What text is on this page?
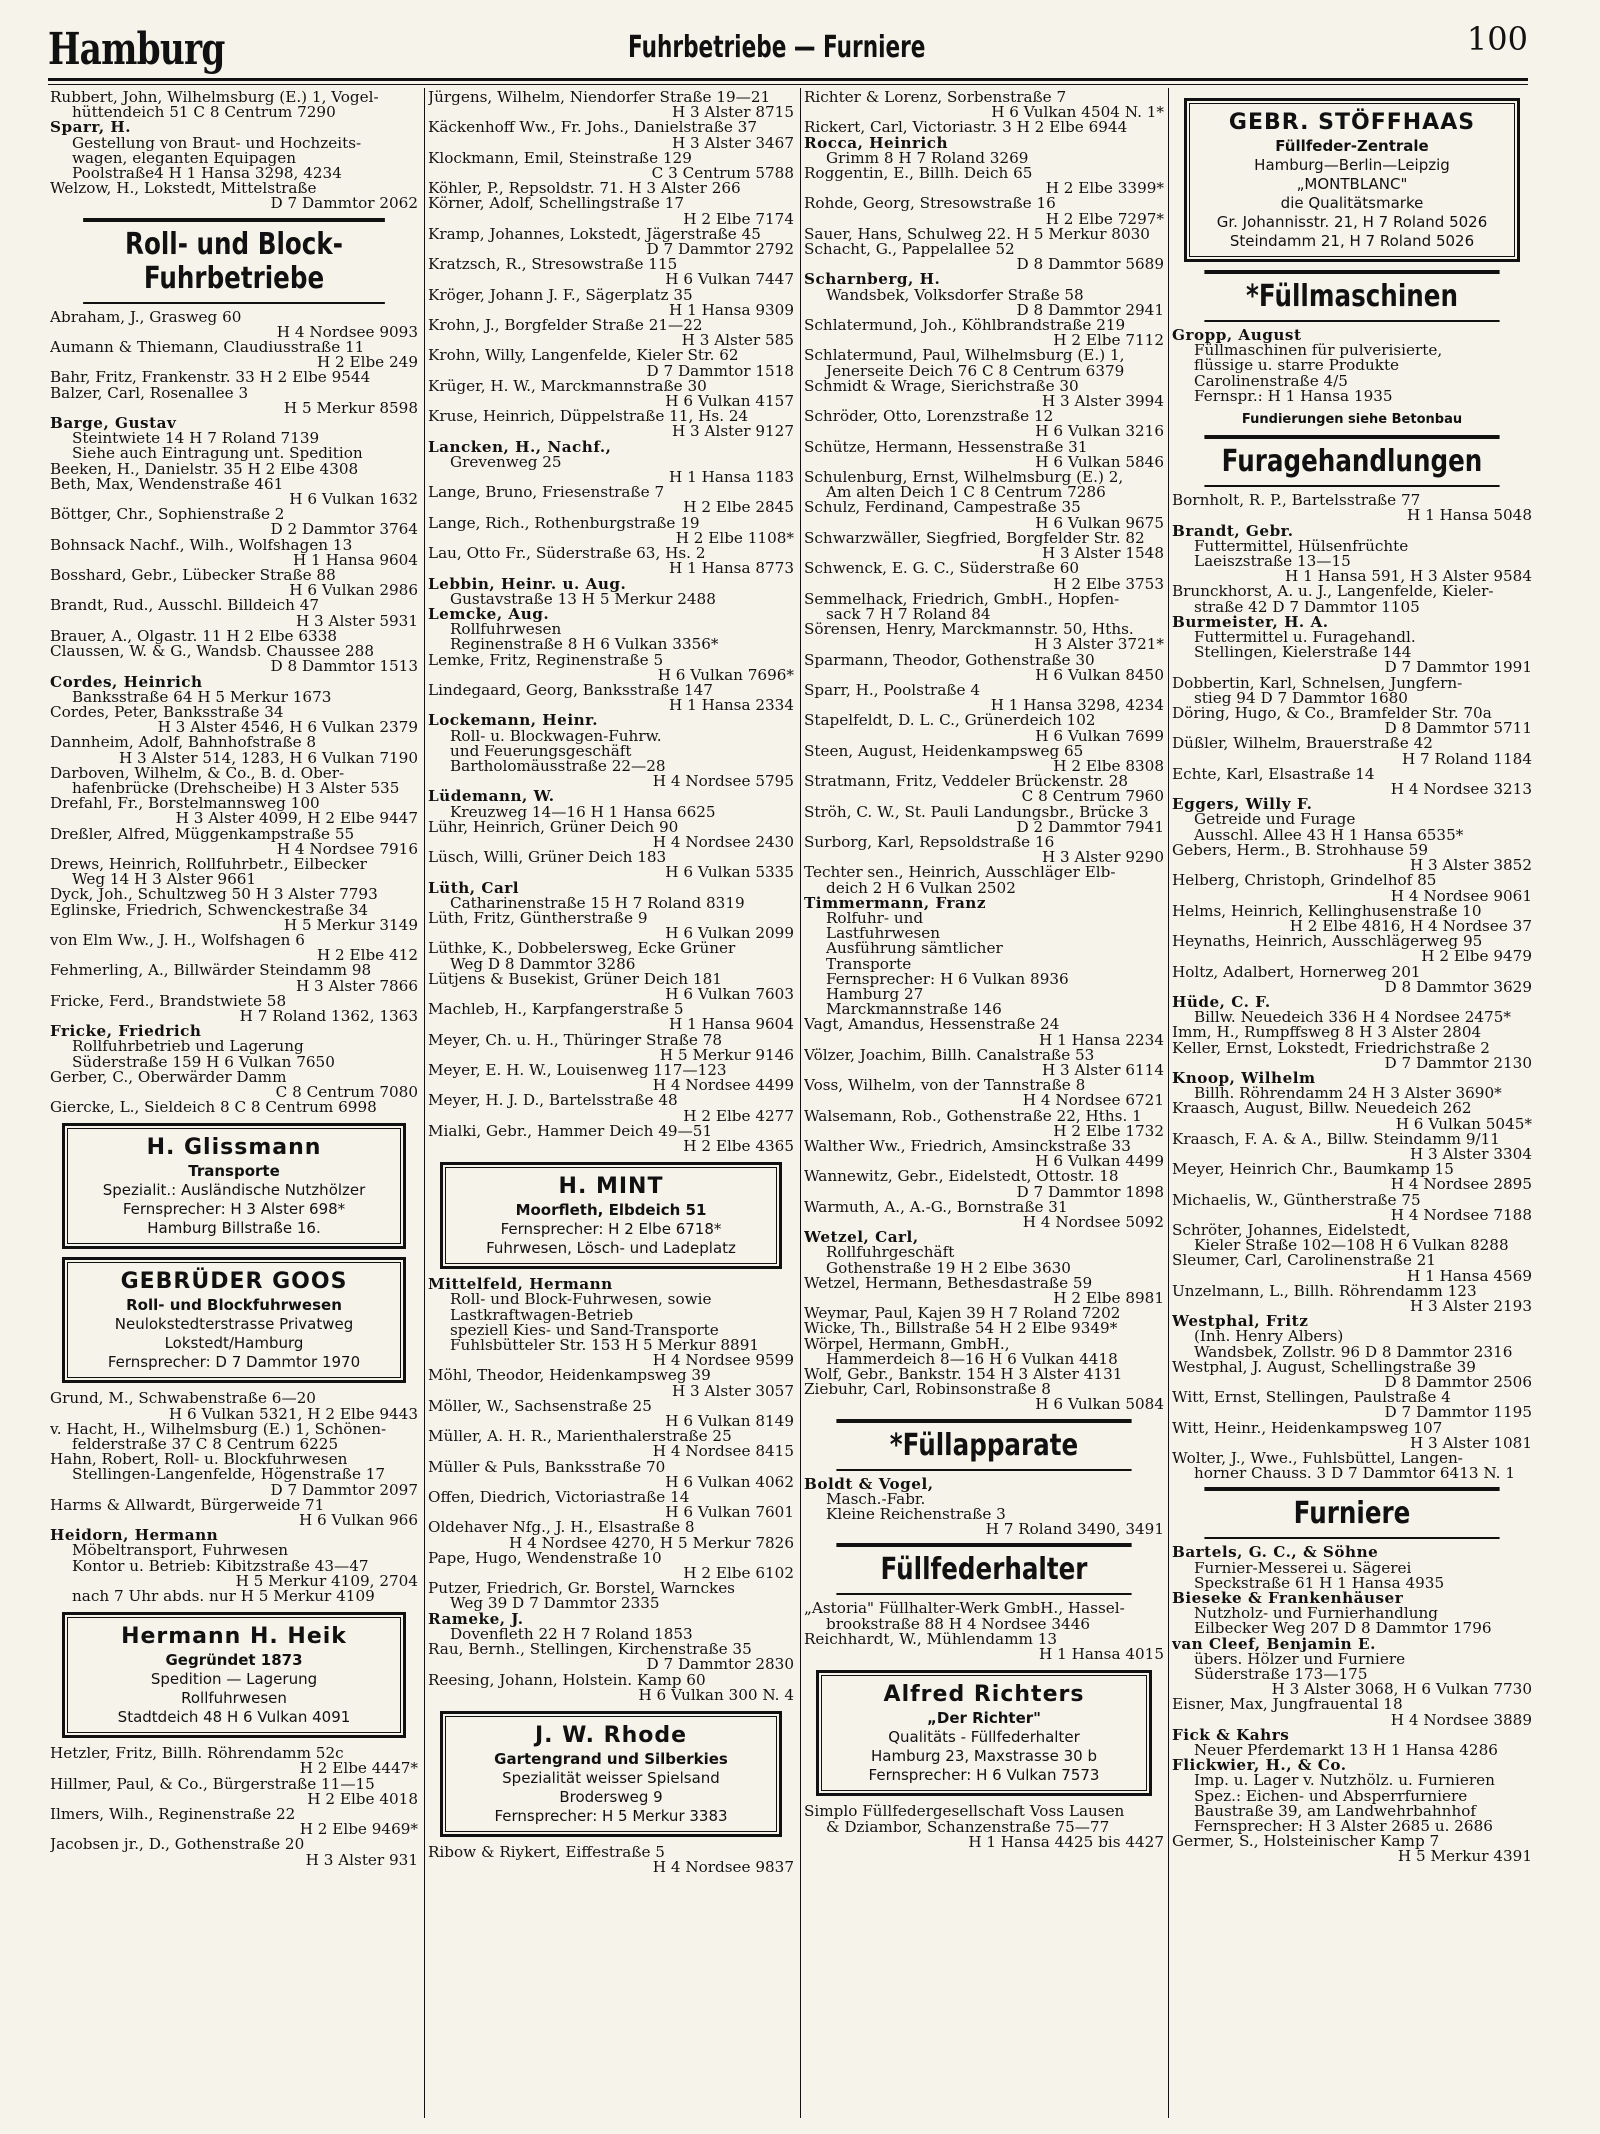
Hamburg	Fuhrbetriebe — Furniere	100
Rubbert, John, Wilhelmsburg (E.) 1, Vogel-
hüttendeich 51 C 8 Centrum 7290
Sparr, H.
Gestellung von Braut- und Hochzeits-
wagen, eleganten Equipagen
Poolstraße4 H 1 Hansa 3298, 4234
Welzow, H., Lokstedt, Mittelstraße
D 7 Dammtor 2062
Roll- und Block-Fuhrbetriebe
Abraham, J., Grasweg 60
H 4 Nordsee 9093
Aumann & Thiemann, Claudiusstraße 11
H 2 Elbe 249
Bahr, Fritz, Frankenstr. 33 H 2 Elbe 9544
Balzer, Carl, Rosenallee 3
H 5 Merkur 8598
Barge, Gustav
Steintwiete 14 H 7 Roland 7139
Siehe auch Eintragung unt. Spedition
Beeken, H., Danielstr. 35 H 2 Elbe 4308
Beth, Max, Wendenstraße 461
H 6 Vulkan 1632
Böttger, Chr., Sophienstraße 2
D 2 Dammtor 3764
Bohnsack Nachf., Wilh., Wolfshagen 13
H 1 Hansa 9604
Bosshard, Gebr., Lübecker Straße 88
H 6 Vulkan 2986
Brandt, Rud., Ausschl. Billdeich 47
H 3 Alster 5931
Brauer, A., Olgastr. 11 H 2 Elbe 6338
Claussen, W. & G., Wandsb. Chaussee 288
D 8 Dammtor 1513
Cordes, Heinrich
Banksstraße 64 H 5 Merkur 1673
Cordes, Peter, Banksstraße 34
H 3 Alster 4546, H 6 Vulkan 2379
Dannheim, Adolf, Bahnhofstraße 8
H 3 Alster 514, 1283, H 6 Vulkan 7190
Darboven, Wilhelm, & Co., B. d. Ober-
hafenbrücke (Drehscheibe) H 3 Alster 535
Drefahl, Fr., Borstelmannsweg 100
H 3 Alster 4099, H 2 Elbe 9447
Dreßler, Alfred, Müggenkampstraße 55
H 4 Nordsee 7916
Drews, Heinrich, Rollfuhrbetr., Eilbecker
Weg 14 H 3 Alster 9661
Dyck, Joh., Schultzweg 50 H 3 Alster 7793
Eglinske, Friedrich, Schwenckestraße 34
H 5 Merkur 3149
von Elm Ww., J. H., Wolfshagen 6
H 2 Elbe 412
Fehmerling, A., Billwärder Steindamm 98
H 3 Alster 7866
Fricke, Ferd., Brandstwiete 58
H 7 Roland 1362, 1363
Fricke, Friedrich
Rollfuhrbetrieb und Lagerung
Süderstraße 159 H 6 Vulkan 7650
Gerber, C., Oberwärder Damm
C 8 Centrum 7080
Giercke, L., Sieldeich 8 C 8 Centrum 6998
H. Glissmann
Transporte
Spezialit.: Ausländische Nutzhölzer
Fernsprecher: H 3 Alster 698*
Hamburg Billstraße 16.
GEBRÜDER GOOS
Roll- und Blockfuhrwesen
Neulokstedterstrasse Privatweg
Lokstedt/Hamburg
Fernsprecher: D 7 Dammtor 1970
Grund, M., Schwabenstraße 6—20
H 6 Vulkan 5321, H 2 Elbe 9443
v. Hacht, H., Wilhelmsburg (E.) 1, Schönen-
felderstraße 37 C 8 Centrum 6225
Hahn, Robert, Roll- u. Blockfuhrwesen
Stellingen-Langenfelde, Högenstraße 17
D 7 Dammtor 2097
Harms & Allwardt, Bürgerweide 71
H 6 Vulkan 966
Heidorn, Hermann
Möbeltransport, Fuhrwesen
Kontor u. Betrieb: Kibitzstraße 43—47
H 5 Merkur 4109, 2704
nach 7 Uhr abds. nur H 5 Merkur 4109
Hermann H. Heik
Gegründet 1873
Spedition — Lagerung
Rollfuhrwesen
Stadtdeich 48 H 6 Vulkan 4091
Hetzler, Fritz, Billh. Röhrendamm 52c
H 2 Elbe 4447*
Hillmer, Paul, & Co., Bürgerstraße 11—15
H 2 Elbe 4018
Ilmers, Wilh., Reginenstraße 22
H 2 Elbe 9469*
Jacobsen jr., D., Gothenstraße 20
H 3 Alster 931
Jürgens, Wilhelm, Niendorfer Straße 19—21
H 3 Alster 8715
Käckenhoff Ww., Fr. Johs., Danielstraße 37
H 3 Alster 3467
Klockmann, Emil, Steinstraße 129
C 3 Centrum 5788
Köhler, P., Repsoldstr. 71. H 3 Alster 266
Körner, Adolf, Schellingstraße 17
H 2 Elbe 7174
Kramp, Johannes, Lokstedt, Jägerstraße 45
D 7 Dammtor 2792
Kratzsch, R., Stresowstraße 115
H 6 Vulkan 7447
Kröger, Johann J. F., Sägerplatz 35
H 1 Hansa 9309
Krohn, J., Borgfelder Straße 21—22
H 3 Alster 585
Krohn, Willy, Langenfelde, Kieler Str. 62
D 7 Dammtor 1518
Krüger, H. W., Marckmannstraße 30
H 6 Vulkan 4157
Kruse, Heinrich, Düppelstraße 11, Hs. 24
H 3 Alster 9127
Lancken, H., Nachf.,
Grevenweg 25
H 1 Hansa 1183
Lange, Bruno, Friesenstraße 7
H 2 Elbe 2845
Lange, Rich., Rothenburgstraße 19
H 2 Elbe 1108*
Lau, Otto Fr., Süderstraße 63, Hs. 2
H 1 Hansa 8773
Lebbin, Heinr. u. Aug.
Gustavstraße 13 H 5 Merkur 2488
Lemcke, Aug.
Rollfuhrwesen
Reginenstraße 8 H 6 Vulkan 3356*
Lemke, Fritz, Reginenstraße 5
H 6 Vulkan 7696*
Lindegaard, Georg, Banksstraße 147
H 1 Hansa 2334
Lockemann, Heinr.
Roll- u. Blockwagen-Fuhrw.
und Feuerungsgeschäft
Bartholomäusstraße 22—28
H 4 Nordsee 5795
Lüdemann, W.
Kreuzweg 14—16 H 1 Hansa 6625
Lühr, Heinrich, Grüner Deich 90
H 4 Nordsee 2430
Lüsch, Willi, Grüner Deich 183
H 6 Vulkan 5335
Lüth, Carl
Catharinenstraße 15 H 7 Roland 8319
Lüth, Fritz, Güntherstraße 9
H 6 Vulkan 2099
Lüthke, K., Dobbelersweg, Ecke Grüner
Weg D 8 Dammtor 3286
Lütjens & Busekist, Grüner Deich 181
H 6 Vulkan 7603
Machleb, H., Karpfangerstraße 5
H 1 Hansa 9604
Meyer, Ch. u. H., Thüringer Straße 78
H 5 Merkur 9146
Meyer, E. H. W., Louisenweg 117—123
H 4 Nordsee 4499
Meyer, H. J. D., Bartelsstraße 48
H 2 Elbe 4277
Mialki, Gebr., Hammer Deich 49—51
H 2 Elbe 4365
H. MINT
Moorfleth, Elbdeich 51
Fernsprecher: H 2 Elbe 6718*
Fuhrwesen, Lösch- und Ladeplatz
Mittelfeld, Hermann
Roll- und Block-Fuhrwesen, sowie
Lastkraftwagen-Betrieb
speziell Kies- und Sand-Transporte
Fuhlsbütteler Str. 153 H 5 Merkur 8891
H 4 Nordsee 9599
Möhl, Theodor, Heidenkampsweg 39
H 3 Alster 3057
Möller, W., Sachsenstraße 25
H 6 Vulkan 8149
Müller, A. H. R., Marienthalerstraße 25
H 4 Nordsee 8415
Müller & Puls, Banksstraße 70
H 6 Vulkan 4062
Offen, Diedrich, Victoriastraße 14
H 6 Vulkan 7601
Oldehaver Nfg., J. H., Elsastraße 8
H 4 Nordsee 4270, H 5 Merkur 7826
Pape, Hugo, Wendenstraße 10
H 2 Elbe 6102
Putzer, Friedrich, Gr. Borstel, Warnckes
Weg 39 D 7 Dammtor 2335
Rameke, J.
Dovenfleth 22 H 7 Roland 1853
Rau, Bernh., Stellingen, Kirchenstraße 35
D 7 Dammtor 2830
Reesing, Johann, Holstein. Kamp 60
H 6 Vulkan 300 N. 4
J. W. Rhode
Gartengrand und Silberkies
Spezialität weisser Spielsand
Brodersweg 9
Fernsprecher: H 5 Merkur 3383
Ribow & Riykert, Eiffestraße 5
H 4 Nordsee 9837
Richter & Lorenz, Sorbenstraße 7
H 6 Vulkan 4504 N. 1*
Rickert, Carl, Victoriastr. 3 H 2 Elbe 6944
Rocca, Heinrich
Grimm 8 H 7 Roland 3269
Roggentin, E., Billh. Deich 65
H 2 Elbe 3399*
Rohde, Georg, Stresowstraße 16
H 2 Elbe 7297*
Sauer, Hans, Schulweg 22. H 5 Merkur 8030
Schacht, G., Pappelallee 52
D 8 Dammtor 5689
Scharnberg, H.
Wandsbek, Volksdorfer Straße 58
D 8 Dammtor 2941
Schlatermund, Joh., Köhlbrandstraße 219
H 2 Elbe 7112
Schlatermund, Paul, Wilhelmsburg (E.) 1,
Jenerseite Deich 76 C 8 Centrum 6379
Schmidt & Wrage, Sierichstraße 30
H 3 Alster 3994
Schröder, Otto, Lorenzstraße 12
H 6 Vulkan 3216
Schütze, Hermann, Hessenstraße 31
H 6 Vulkan 5846
Schulenburg, Ernst, Wilhelmsburg (E.) 2,
Am alten Deich 1 C 8 Centrum 7286
Schulz, Ferdinand, Campestraße 35
H 6 Vulkan 9675
Schwarzwäller, Siegfried, Borgfelder Str. 82
H 3 Alster 1548
Schwenck, E. G. C., Süderstraße 60
H 2 Elbe 3753
Semmelhack, Friedrich, GmbH., Hopfen-
sack 7 H 7 Roland 84
Sörensen, Henry, Marckmannstr. 50, Hths.
H 3 Alster 3721*
Sparmann, Theodor, Gothenstraße 30
H 6 Vulkan 8450
Sparr, H., Poolstraße 4
H 1 Hansa 3298, 4234
Stapelfeldt, D. L. C., Grünerdeich 102
H 6 Vulkan 7699
Steen, August, Heidenkampsweg 65
H 2 Elbe 8308
Stratmann, Fritz, Veddeler Brückenstr. 28
C 8 Centrum 7960
Ströh, C. W., St. Pauli Landungsbr., Brücke 3
D 2 Dammtor 7941
Surborg, Karl, Repsoldstraße 16
H 3 Alster 9290
Techter sen., Heinrich, Ausschläger Elb-
deich 2 H 6 Vulkan 2502
Timmermann, Franz
Rolfuhr- und
Lastfuhrwesen
Ausführung sämtlicher
Transporte
Fernsprecher: H 6 Vulkan 8936
Hamburg 27
Marckmannstraße 146
Vagt, Amandus, Hessenstraße 24
H 1 Hansa 2234
Völzer, Joachim, Billh. Canalstraße 53
H 3 Alster 6114
Voss, Wilhelm, von der Tannstraße 8
H 4 Nordsee 6721
Walsemann, Rob., Gothenstraße 22, Hths. 1
H 2 Elbe 1732
Walther Ww., Friedrich, Amsinckstraße 33
H 6 Vulkan 4499
Wannewitz, Gebr., Eidelstedt, Ottostr. 18
D 7 Dammtor 1898
Warmuth, A., A.-G., Bornstraße 31
H 4 Nordsee 5092
Wetzel, Carl,
Rollfuhrgeschäft
Gothenstraße 19 H 2 Elbe 3630
Wetzel, Hermann, Bethesdastraße 59
H 2 Elbe 8981
Weymar, Paul, Kajen 39 H 7 Roland 7202
Wicke, Th., Billstraße 54 H 2 Elbe 9349*
Wörpel, Hermann, GmbH.,
Hammerdeich 8—16 H 6 Vulkan 4418
Wolf, Gebr., Bankstr. 154 H 3 Alster 4131
Ziebuhr, Carl, Robinsonstraße 8
H 6 Vulkan 5084
*Füllapparate
Boldt & Vogel,
Masch.-Fabr.
Kleine Reichenstraße 3
H 7 Roland 3490, 3491
Füllfederhalter
„Astoria" Füllhalter-Werk GmbH., Hassel-
brookstraße 88 H 4 Nordsee 3446
Reichhardt, W., Mühlendamm 13
H 1 Hansa 4015
Alfred Richters
„Der Richter"
Qualitäts - Füllfederhalter
Hamburg 23, Maxstrasse 30 b
Fernsprecher: H 6 Vulkan 7573
Simplo Füllfedergesellschaft Voss Lausen
& Dziambor, Schanzenstraße 75—77
H 1 Hansa 4425 bis 4427
GEBR. STÖFFHAAS
Füllfeder-Zentrale
Hamburg—Berlin—Leipzig
„MONTBLANC"
die Qualitätsmarke
Gr. Johannisstr. 21, H 7 Roland 5026
Steindamm 21, H 7 Roland 5026
*Füllmaschinen
Gropp, August
Füllmaschinen für pulverisierte,
flüssige u. starre Produkte
Carolinenstraße 4/5
Fernspr.: H 1 Hansa 1935
Fundierungen siehe Betonbau
Furagehandlungen
Bornholt, R. P., Bartelsstraße 77
H 1 Hansa 5048
Brandt, Gebr.
Futtermittel, Hülsenfrüchte
Laeiszstraße 13—15
H 1 Hansa 591, H 3 Alster 9584
Brunckhorst, A. u. J., Langenfelde, Kieler-
straße 42 D 7 Dammtor 1105
Burmeister, H. A.
Futtermittel u. Furagehandl.
Stellingen, Kielerstraße 144
D 7 Dammtor 1991
Dobbertin, Karl, Schnelsen, Jungfern-
stieg 94 D 7 Dammtor 1680
Döring, Hugo, & Co., Bramfelder Str. 70a
D 8 Dammtor 5711
Düßler, Wilhelm, Brauerstraße 42
H 7 Roland 1184
Echte, Karl, Elsastraße 14
H 4 Nordsee 3213
Eggers, Willy F.
Getreide und Furage
Ausschl. Allee 43 H 1 Hansa 6535*
Gebers, Herm., B. Strohhause 59
H 3 Alster 3852
Helberg, Christoph, Grindelhof 85
H 4 Nordsee 9061
Helms, Heinrich, Kellinghusenstraße 10
H 2 Elbe 4816, H 4 Nordsee 37
Heynaths, Heinrich, Ausschlägerweg 95
H 2 Elbe 9479
Holtz, Adalbert, Hornerweg 201
D 8 Dammtor 3629
Hüde, C. F.
Billw. Neuedeich 336 H 4 Nordsee 2475*
Imm, H., Rumpffsweg 8 H 3 Alster 2804
Keller, Ernst, Lokstedt, Friedrichstraße 2
D 7 Dammtor 2130
Knoop, Wilhelm
Billh. Röhrendamm 24 H 3 Alster 3690*
Kraasch, August, Billw. Neuedeich 262
H 6 Vulkan 5045*
Kraasch, F. A. & A., Billw. Steindamm 9/11
H 3 Alster 3304
Meyer, Heinrich Chr., Baumkamp 15
H 4 Nordsee 2895
Michaelis, W., Güntherstraße 75
H 4 Nordsee 7188
Schröter, Johannes, Eidelstedt,
Kieler Straße 102—108 H 6 Vulkan 8288
Sleumer, Carl, Carolinenstraße 21
H 1 Hansa 4569
Unzelmann, L., Billh. Röhrendamm 123
H 3 Alster 2193
Westphal, Fritz
(Inh. Henry Albers)
Wandsbek, Zollstr. 96 D 8 Dammtor 2316
Westphal, J. August, Schellingstraße 39
D 8 Dammtor 2506
Witt, Ernst, Stellingen, Paulstraße 4
D 7 Dammtor 1195
Witt, Heinr., Heidenkampsweg 107
H 3 Alster 1081
Wolter, J., Wwe., Fuhlsbüttel, Langen-
horner Chauss. 3 D 7 Dammtor 6413 N. 1
Furniere
Bartels, G. C., & Söhne
Furnier-Messerei u. Sägerei
Speckstraße 61 H 1 Hansa 4935
Bieseke & Frankenhäuser
Nutzholz- und Furnierhandlung
Eilbecker Weg 207 D 8 Dammtor 1796
van Cleef, Benjamin E.
übers. Hölzer und Furniere
Süderstraße 173—175
H 3 Alster 3068, H 6 Vulkan 7730
Eisner, Max, Jungfrauental 18
H 4 Nordsee 3889
Fick & Kahrs
Neuer Pferdemarkt 13 H 1 Hansa 4286
Flickwier, H., & Co.
Imp. u. Lager v. Nutzhölz. u. Furnieren
Spez.: Eichen- und Absperrfurniere
Baustraße 39, am Landwehrbahnhof
Fernsprecher: H 3 Alster 2685 u. 2686
Germer, S., Holsteinischer Kamp 7
H 5 Merkur 4391
